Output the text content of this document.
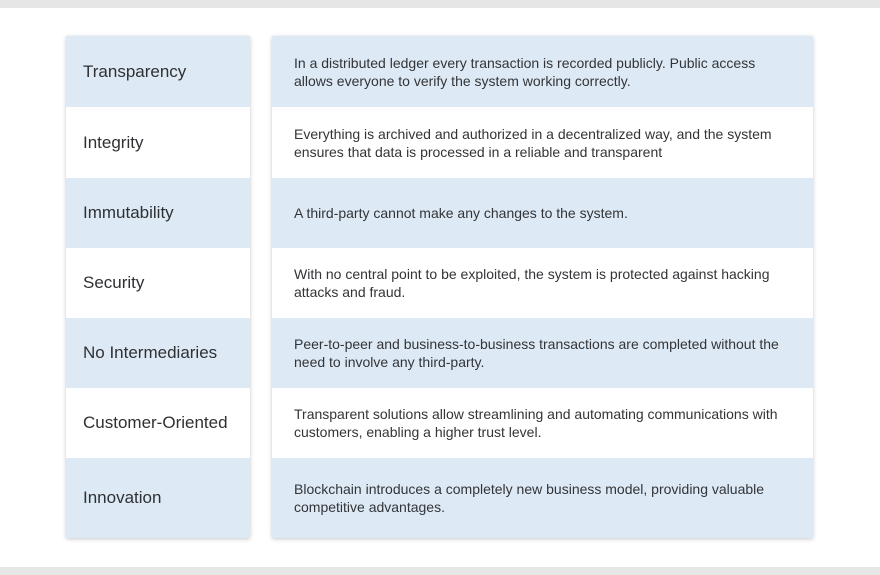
Transparency
Integrity
Immutability
Security
No Intermediaries
Customer-Oriented
Innovation
In a distributed ledger every transaction is recorded publicly. Public access allows everyone to verify the system working correctly.
Everything is archived and authorized in a decentralized way, and the system ensures that data is processed in a reliable and transparent
A third-party cannot make any changes to the system.
With no central point to be exploited, the system is protected against hacking attacks and fraud.
Peer-to-peer and business-to-business transactions are completed without the need to involve any third-party.
Transparent solutions allow streamlining and automating communications with customers, enabling a higher trust level.
Blockchain introduces a completely new business model, providing valuable competitive advantages.
